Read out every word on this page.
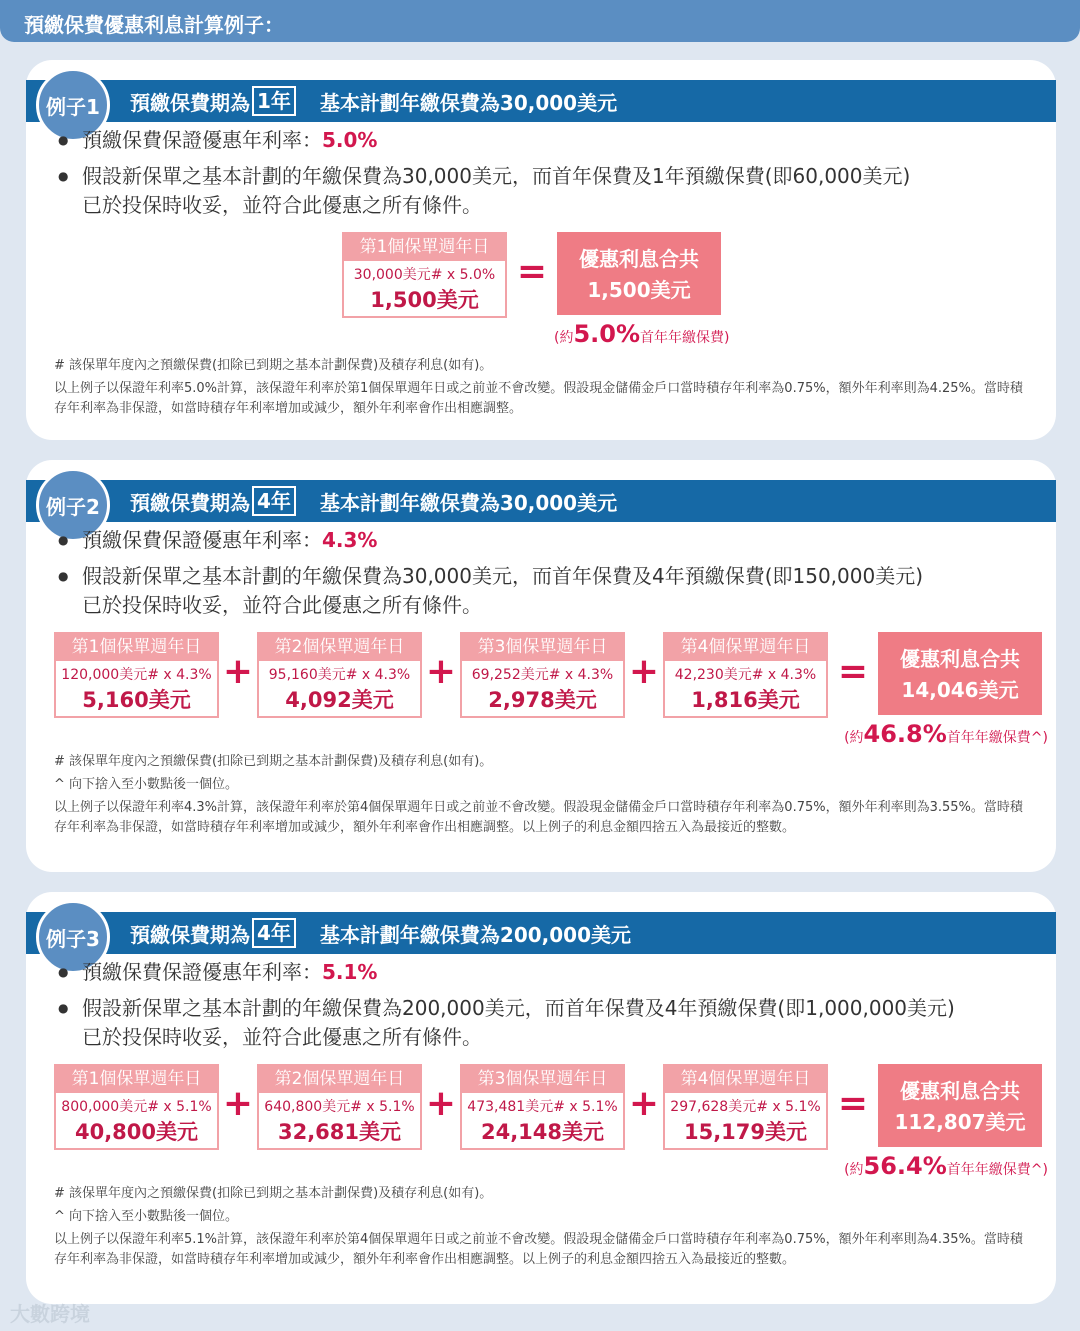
預繳保費優惠利息計算例子：
預繳保費期為 1年 基本計劃年繳保費為30,000美元
例子1
● 預繳保費保證優惠年利率：5.0%
● 假設新保單之基本計劃的年繳保費為30,000美元，而首年保費及1年預繳保費(即60,000美元)
已於投保時收妥，並符合此優惠之所有條件。
第1個保單週年日
30,000美元# x 5.0%
1,500美元
=	優惠利息合共
1,500美元
(約5.0%首年年繳保費)
# 該保單年度內之預繳保費(扣除已到期之基本計劃保費)及積存利息(如有)。
以上例子以保證年利率5.0%計算，該保證年利率於第1個保單週年日或之前並不會改變。假設現金儲備金戶口當時積存年利率為0.75%，額外年利率則為4.25%。當時積存年利率為非保證，如當時積存年利率增加或減少，額外年利率會作出相應調整。
預繳保費期為 4年 基本計劃年繳保費為30,000美元
例子2
● 預繳保費保證優惠年利率：4.3%
● 假設新保單之基本計劃的年繳保費為30,000美元，而首年保費及4年預繳保費(即150,000美元)
已於投保時收妥，並符合此優惠之所有條件。
第1個保單週年日
120,000美元# x 4.3%
5,160美元
+
第2個保單週年日
95,160美元# x 4.3%
4,092美元
+
第3個保單週年日
69,252美元# x 4.3%
2,978美元
+
第4個保單週年日
42,230美元# x 4.3%
1,816美元
=	優惠利息合共
14,046美元
(約46.8%首年年繳保費^)
# 該保單年度內之預繳保費(扣除已到期之基本計劃保費)及積存利息(如有)。
^ 向下捨入至小數點後一個位。
以上例子以保證年利率4.3%計算，該保證年利率於第4個保單週年日或之前並不會改變。假設現金儲備金戶口當時積存年利率為0.75%，額外年利率則為3.55%。當時積存年利率為非保證，如當時積存年利率增加或減少，額外年利率會作出相應調整。以上例子的利息金額四捨五入為最接近的整數。
預繳保費期為 4年 基本計劃年繳保費為200,000美元
例子3
● 預繳保費保證優惠年利率：5.1%
● 假設新保單之基本計劃的年繳保費為200,000美元，而首年保費及4年預繳保費(即1,000,000美元)
已於投保時收妥，並符合此優惠之所有條件。
第1個保單週年日
800,000美元# x 5.1%
40,800美元
+
第2個保單週年日
640,800美元# x 5.1%
32,681美元
+
第3個保單週年日
473,481美元# x 5.1%
24,148美元
+
第4個保單週年日
297,628美元# x 5.1%
15,179美元
=	優惠利息合共
112,807美元
(約56.4%首年年繳保費^)
# 該保單年度內之預繳保費(扣除已到期之基本計劃保費)及積存利息(如有)。
^ 向下捨入至小數點後一個位。
以上例子以保證年利率5.1%計算，該保證年利率於第4個保單週年日或之前並不會改變。假設現金儲備金戶口當時積存年利率為0.75%，額外年利率則為4.35%。當時積存年利率為非保證，如當時積存年利率增加或減少，額外年利率會作出相應調整。以上例子的利息金額四捨五入為最接近的整數。
大數跨境
